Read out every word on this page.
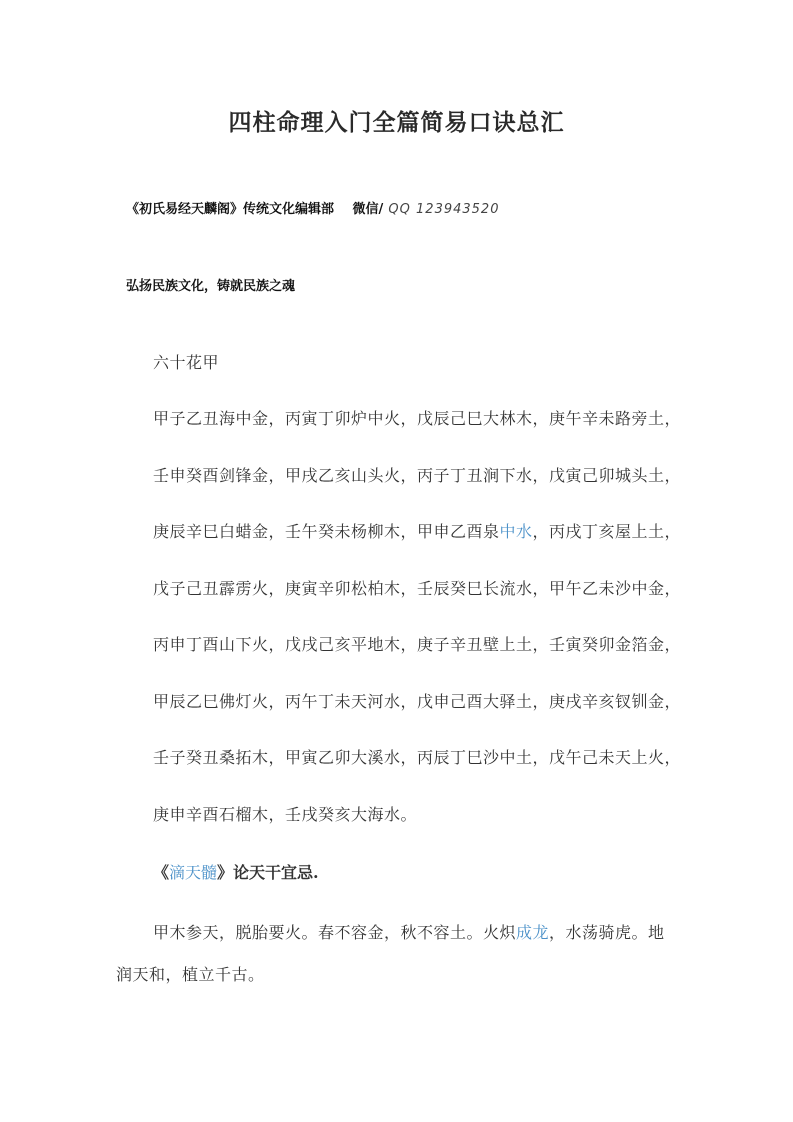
四柱命理入门全篇简易口诀总汇
《初氏易经天麟阁》传统文化编辑部 微信/ QQ 123943520
弘扬民族文化，铸就民族之魂
六十花甲
甲子乙丑海中金，丙寅丁卯炉中火，戊辰己巳大林木，庚午辛未路旁土，
壬申癸酉剑锋金，甲戌乙亥山头火，丙子丁丑涧下水，戊寅己卯城头土，
庚辰辛巳白蜡金，壬午癸未杨柳木，甲申乙酉泉中水，丙戌丁亥屋上土，
戊子己丑霹雳火，庚寅辛卯松柏木，壬辰癸巳长流水，甲午乙未沙中金，
丙申丁酉山下火，戊戌己亥平地木，庚子辛丑壁上土，壬寅癸卯金箔金，
甲辰乙巳佛灯火，丙午丁未天河水，戊申己酉大驿土，庚戌辛亥钗钏金，
壬子癸丑桑拓木，甲寅乙卯大溪水，丙辰丁巳沙中土，戊午己未天上火，
庚申辛酉石榴木，壬戌癸亥大海水。
《滴天髓》论天干宜忌.
甲木参天，脱胎要火。春不容金，秋不容土。火炽成龙，水荡骑虎。地润天和，植立千古。
